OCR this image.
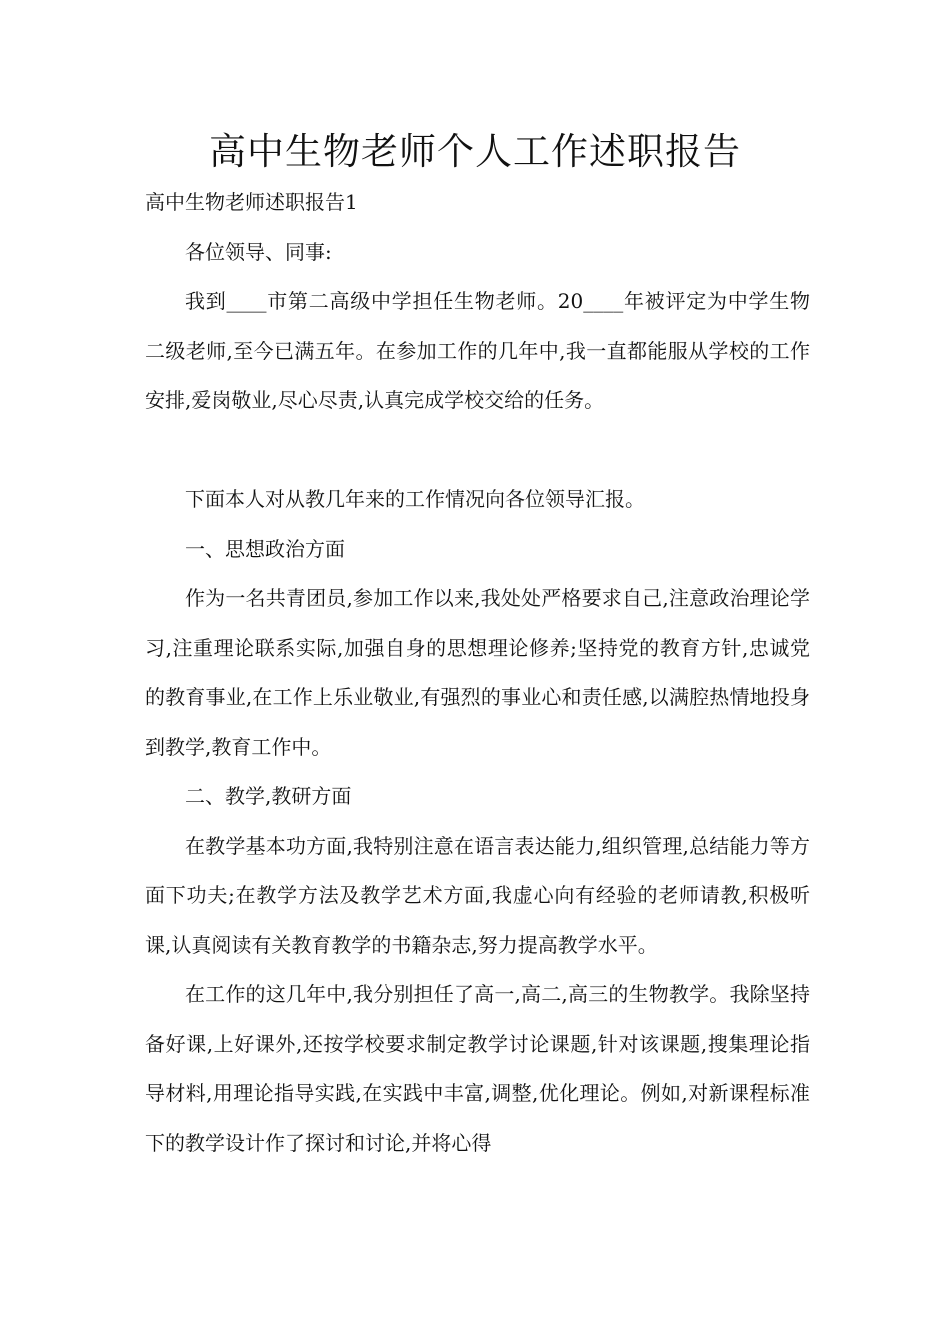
高中生物老师个人工作述职报告

高中生物老师述职报告1

各位领导、同事:

我到____市第二高级中学担任生物老师。20____年被评定为中学生物二级老师,至今已满五年。在参加工作的几年中,我一直都能服从学校的工作安排,爱岗敬业,尽心尽责,认真完成学校交给的任务。

下面本人对从教几年来的工作情况向各位领导汇报。

一、思想政治方面

作为一名共青团员,参加工作以来,我处处严格要求自己,注意政治理论学习,注重理论联系实际,加强自身的思想理论修养;坚持党的教育方针,忠诚党的教育事业,在工作上乐业敬业,有强烈的事业心和责任感,以满腔热情地投身到教学,教育工作中。

二、教学,教研方面

在教学基本功方面,我特别注意在语言表达能力,组织管理,总结能力等方面下功夫;在教学方法及教学艺术方面,我虚心向有经验的老师请教,积极听课,认真阅读有关教育教学的书籍杂志,努力提高教学水平。

在工作的这几年中,我分别担任了高一,高二,高三的生物教学。我除坚持备好课,上好课外,还按学校要求制定教学讨论课题,针对该课题,搜集理论指导材料,用理论指导实践,在实践中丰富,调整,优化理论。例如,对新课程标准下的教学设计作了探讨和讨论,并将心得
